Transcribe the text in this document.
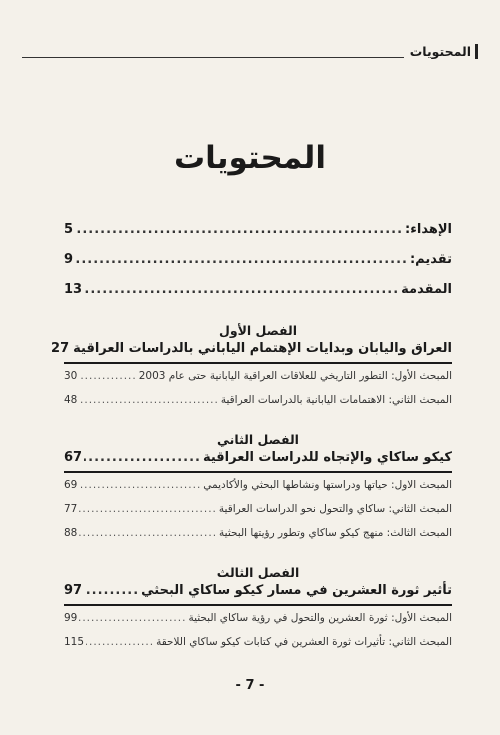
المحتويات
المحتويات
الإهداء:
.....
5
تقديم:
.....
9
المقدمة
.....
13
الفصل الأول
العراق واليابان وبدايات الإهتمام الياباني بالدراسات العراقية
27
المبحث الأول: التطور التاريخي للعلاقات العراقية اليابانية حتى عام 2003
.....
30
المبحث الثاني: الاهتمامات اليابانية بالدراسات العراقية
.....
48
الفصل الثاني
كيكو ساكاي والإتجاه للدراسات العراقية
.....
67
المبحث الاول: حياتها ودراستها ونشاطها البحثي والأكاديمي
.....
69
المبحث الثاني: ساكاي والتحول نحو الدراسات العراقية
.....
77
المبحث الثالث: منهج كيكو ساكاي وتطور رؤيتها البحثية
.....
88
الفصل الثالث
تأثير ثورة العشرين في مسار كيكو ساكاي البحثي
.....
97
المبحث الأول: ثورة العشرين والتحول في رؤية ساكاي البحثية
.....
99
المبحث الثاني: تأثيرات ثورة العشرين في كتابات كيكو ساكاي اللاحقة
.....
115
- 7 -
